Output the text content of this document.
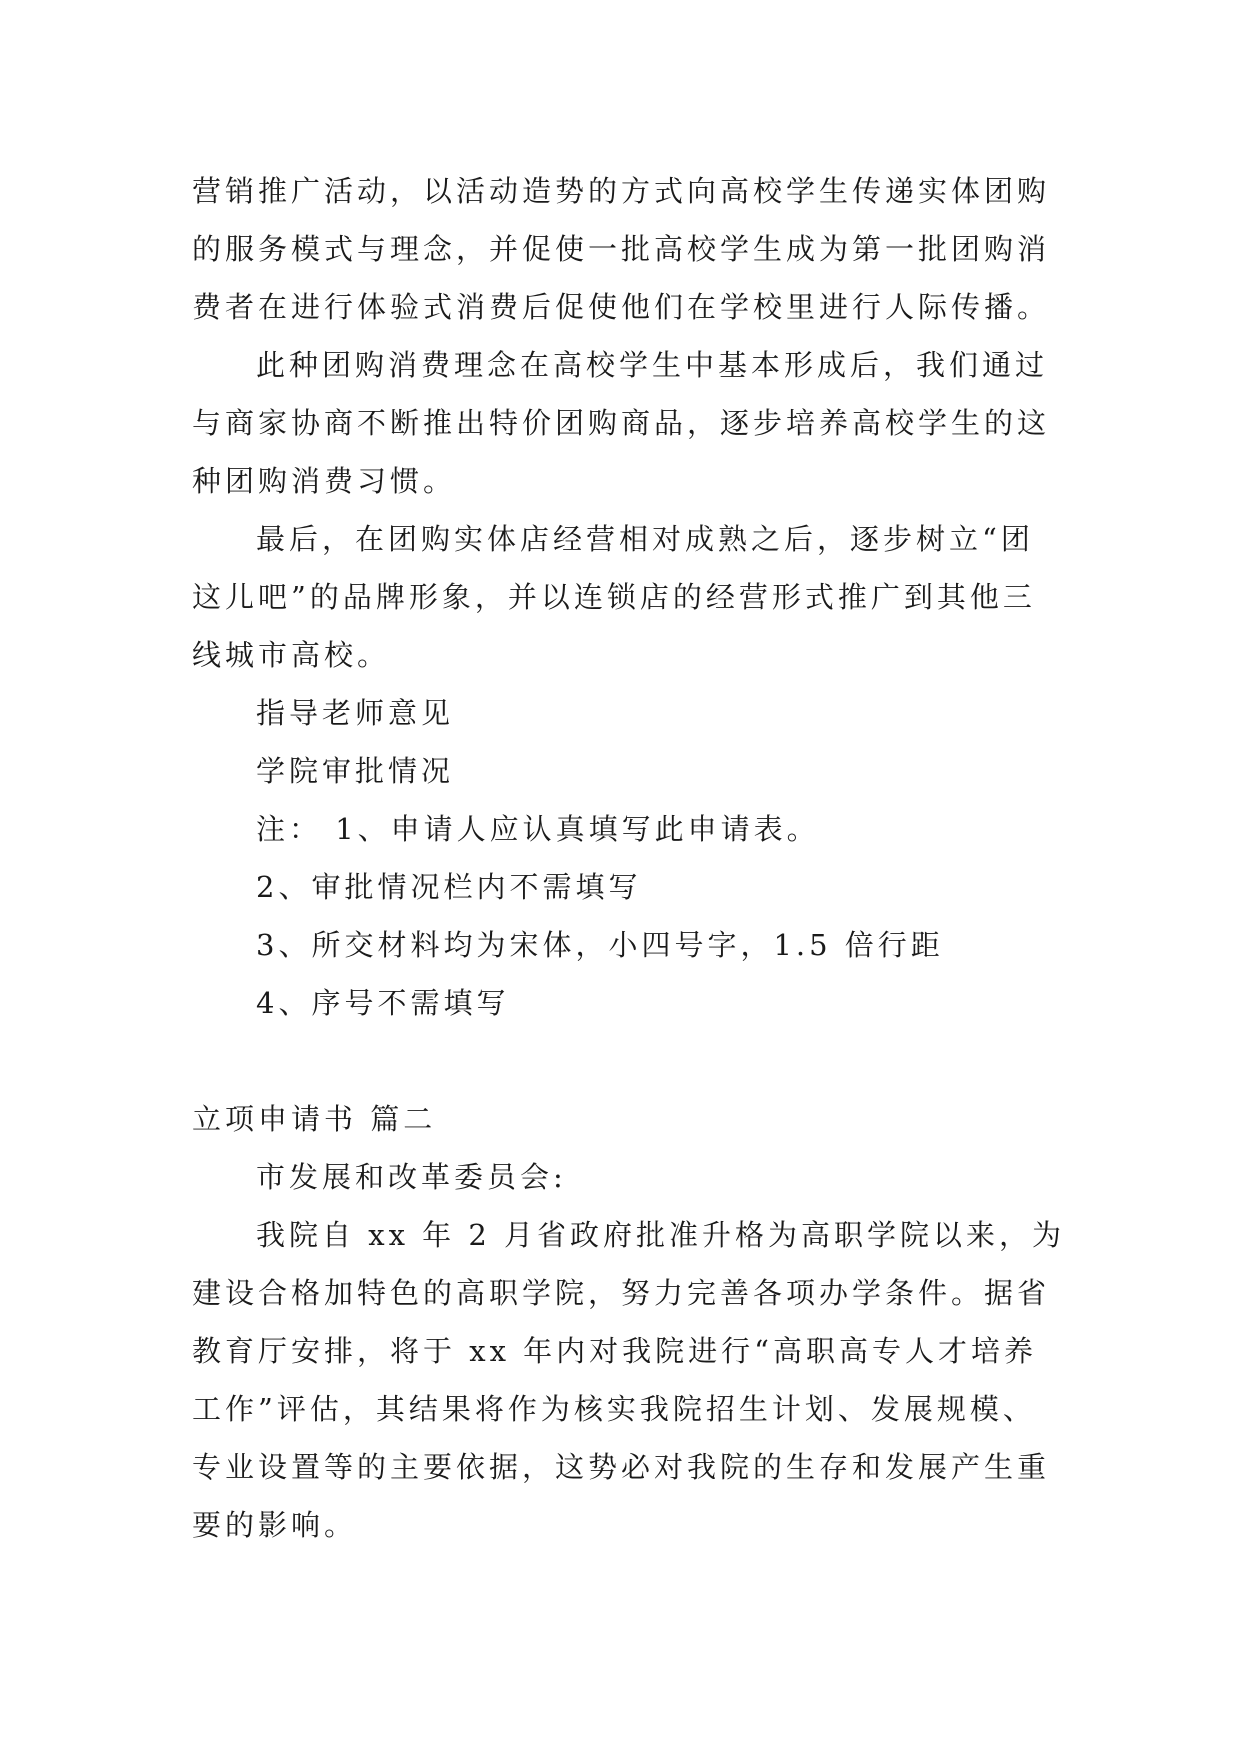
营销推广活动，以活动造势的方式向高校学生传递实体团购

的服务模式与理念，并促使一批高校学生成为第一批团购消

费者在进行体验式消费后促使他们在学校里进行人际传播。

此种团购消费理念在高校学生中基本形成后，我们通过

与商家协商不断推出特价团购商品，逐步培养高校学生的这

种团购消费习惯。

最后，在团购实体店经营相对成熟之后，逐步树立“团

这儿吧”的品牌形象，并以连锁店的经营形式推广到其他三

线城市高校。

指导老师意见

学院审批情况

注： 1、申请人应认真填写此申请表。

2、审批情况栏内不需填写

3、所交材料均为宋体，小四号字，1.5 倍行距

4、序号不需填写

立项申请书 篇二

市发展和改革委员会:

我院自 xx 年 2 月省政府批准升格为高职学院以来，为

建设合格加特色的高职学院，努力完善各项办学条件。据省

教育厅安排，将于 xx 年内对我院进行“高职高专人才培养

工作”评估，其结果将作为核实我院招生计划、发展规模、

专业设置等的主要依据，这势必对我院的生存和发展产生重

要的影响。
